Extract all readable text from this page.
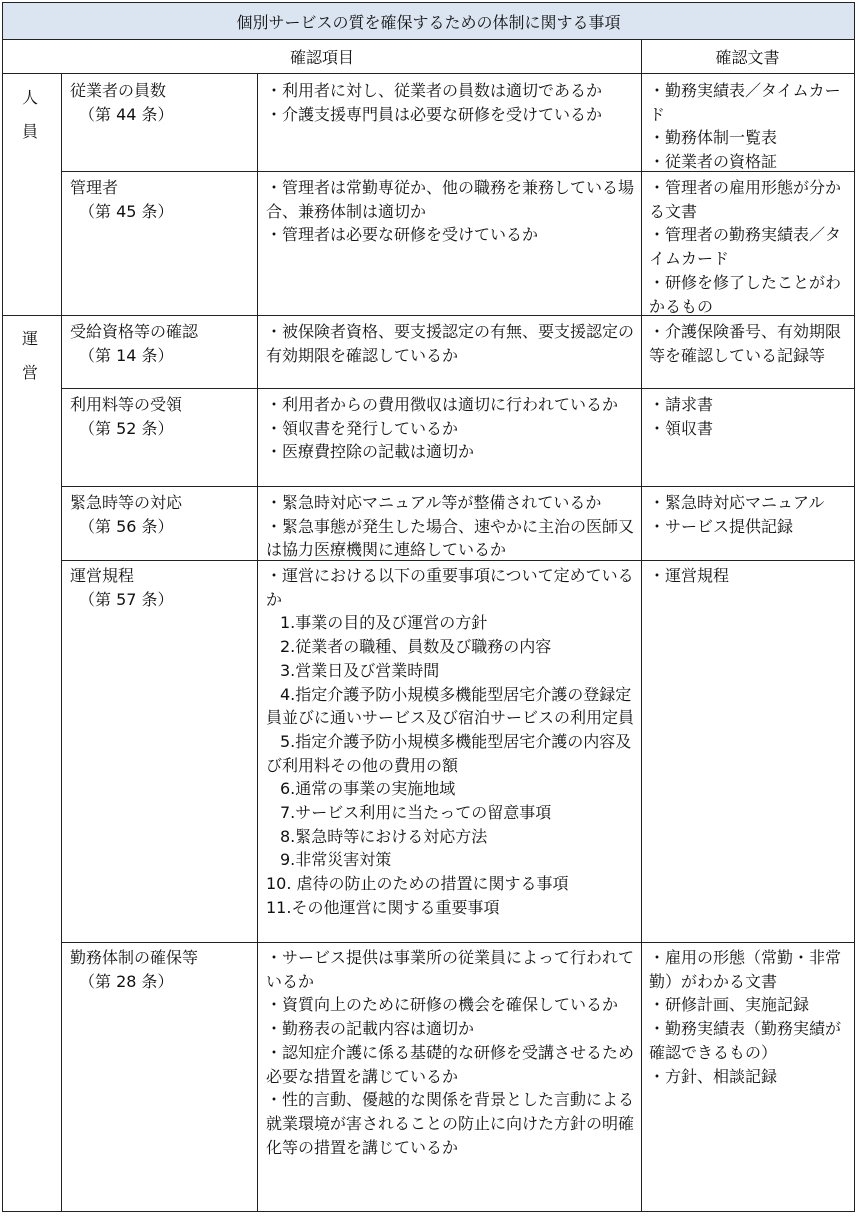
個別サービスの質を確保するための体制に関する事項
確認項目	確認文書
人
員
運
営
従業者の員数
（第 44 条）
・利用者に対し、従業者の員数は適切であるか
・介護支援専門員は必要な研修を受けているか
・勤務実績表／タイムカード
・勤務体制一覧表
・従業者の資格証
管理者
（第 45 条）
・管理者は常勤専従か、他の職務を兼務している場合、兼務体制は適切か
・管理者は必要な研修を受けているか
・管理者の雇用形態が分かる文書
・管理者の勤務実績表／タイムカード
・研修を修了したことがわかるもの
受給資格等の確認
（第 14 条）
・被保険者資格、要支援認定の有無、要支援認定の有効期限を確認しているか
・介護保険番号、有効期限等を確認している記録等
利用料等の受領
（第 52 条）
・利用者からの費用徴収は適切に行われているか
・領収書を発行しているか
・医療費控除の記載は適切か
・請求書
・領収書
緊急時等の対応
（第 56 条）
・緊急時対応マニュアル等が整備されているか
・緊急事態が発生した場合、速やかに主治の医師又は協力医療機関に連絡しているか
・緊急時対応マニュアル
・サービス提供記録
運営規程
（第 57 条）
・運営における以下の重要事項について定めているか
1.事業の目的及び運営の方針
2.従業者の職種、員数及び職務の内容
3.営業日及び営業時間
4.指定介護予防小規模多機能型居宅介護の登録定員並びに通いサービス及び宿泊サービスの利用定員
5.指定介護予防小規模多機能型居宅介護の内容及び利用料その他の費用の額
6.通常の事業の実施地域
7.サービス利用に当たっての留意事項
8.緊急時等における対応方法
9.非常災害対策
10. 虐待の防止のための措置に関する事項
11.その他運営に関する重要事項
・運営規程
勤務体制の確保等
（第 28 条）
・サービス提供は事業所の従業員によって行われているか
・資質向上のために研修の機会を確保しているか
・勤務表の記載内容は適切か
・認知症介護に係る基礎的な研修を受講させるため必要な措置を講じているか
・性的言動、優越的な関係を背景とした言動による就業環境が害されることの防止に向けた方針の明確化等の措置を講じているか
・雇用の形態（常勤・非常勤）がわかる文書
・研修計画、実施記録
・勤務実績表（勤務実績が確認できるもの）
・方針、相談記録
